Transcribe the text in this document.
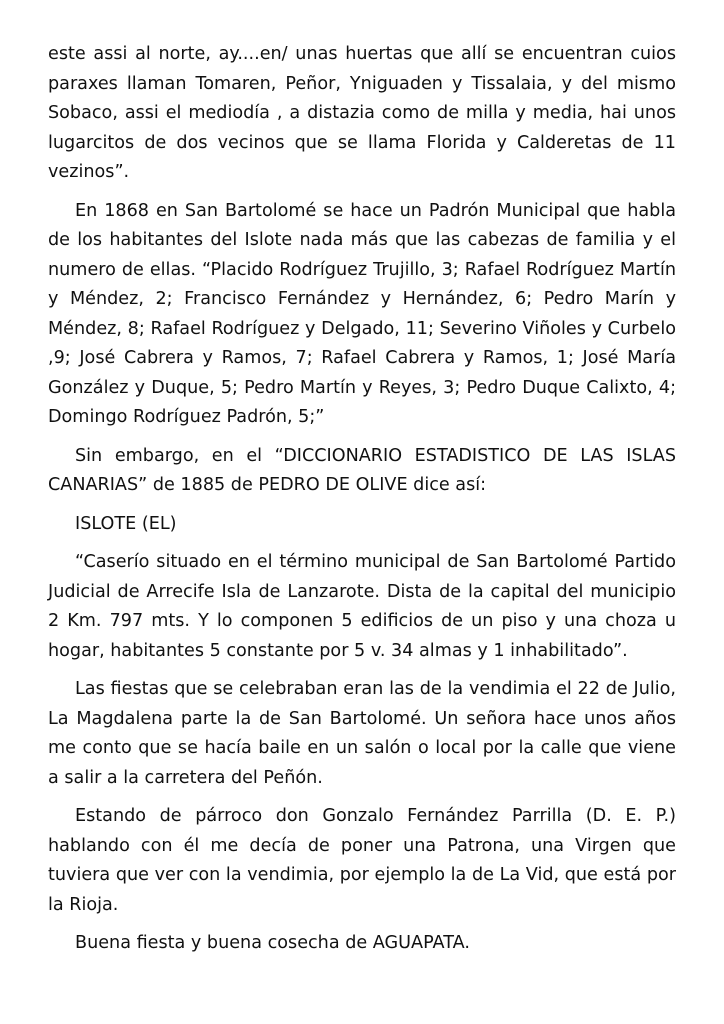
este assi al norte, ay....en/ unas huertas que allí se encuentran cuios paraxes llaman Tomaren, Peñor, Yniguaden y Tissalaia, y del mismo Sobaco, assi el mediodía , a distazia como de milla y media, hai unos lugarcitos de dos vecinos que se llama Florida y Calderetas de 11 vezinos”.

En 1868 en San Bartolomé se hace un Padrón Municipal que habla de los habitantes del Islote nada más que las cabezas de familia y el numero de ellas. “Placido Rodríguez Trujillo, 3; Rafael Rodríguez Martín y Méndez, 2; Francisco Fernández y Hernández, 6; Pedro Marín y Méndez, 8; Rafael Rodríguez y Delgado, 11; Severino Viñoles y Curbelo ,9; José Cabrera y Ramos, 7; Rafael Cabrera y Ramos, 1; José María González y Duque, 5; Pedro Martín y Reyes, 3; Pedro Duque Calixto, 4; Domingo Rodríguez Padrón, 5;”

Sin embargo, en el “DICCIONARIO ESTADISTICO DE LAS ISLAS CANARIAS” de 1885 de PEDRO DE OLIVE dice así:

ISLOTE (EL)

“Caserío situado en el término municipal de San Bartolomé Partido Judicial de Arrecife Isla de Lanzarote. Dista de la capital del municipio 2 Km. 797 mts. Y lo componen 5 edificios de un piso y una choza u hogar, habitantes 5 constante por 5 v. 34 almas y 1 inhabilitado”.

Las fiestas que se celebraban eran las de la vendimia el 22 de Julio, La Magdalena parte la de San Bartolomé. Un señora hace unos años me conto que se hacía baile en un salón o local por la calle que viene a salir a la carretera del Peñón.

Estando de párroco don Gonzalo Fernández Parrilla (D. E. P.) hablando con él me decía de poner una Patrona, una Virgen que tuviera que ver con la vendimia, por ejemplo la de La Vid, que está por la Rioja.

Buena fiesta y buena cosecha de AGUAPATA.
